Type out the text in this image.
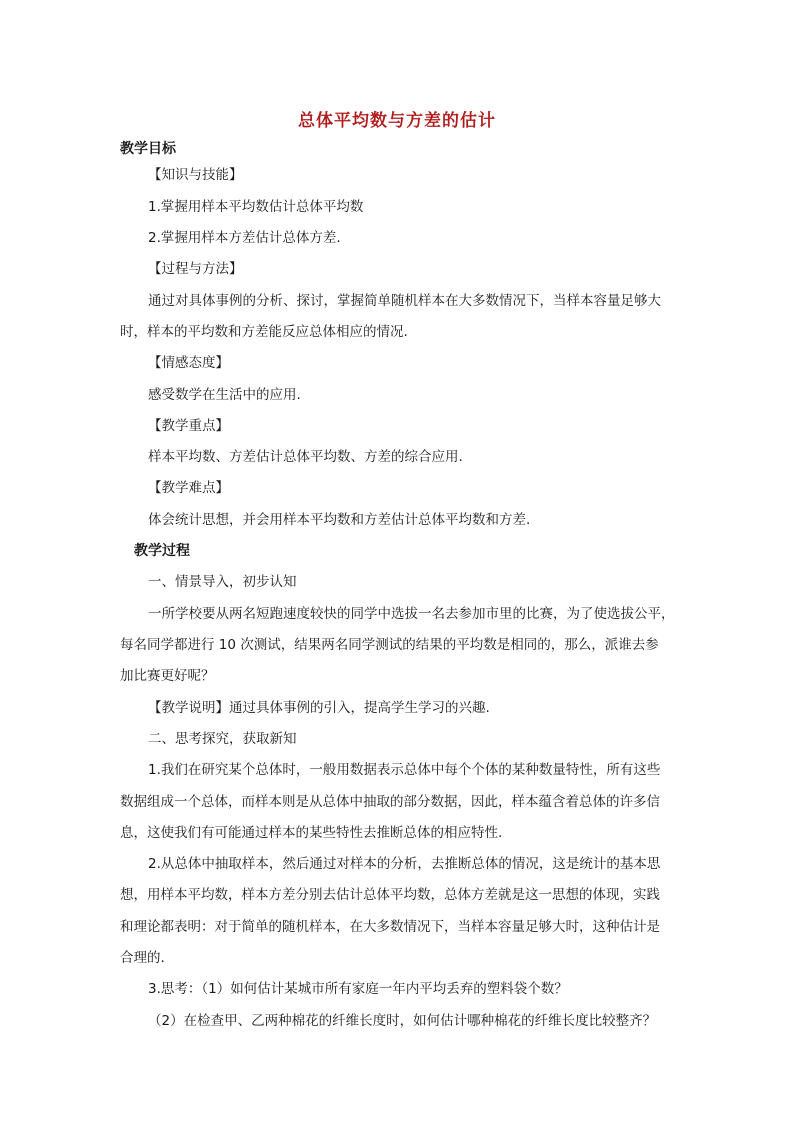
总体平均数与方差的估计
教学目标
【知识与技能】
1.掌握用样本平均数估计总体平均数
2.掌握用样本方差估计总体方差.
【过程与方法】
通过对具体事例的分析、探讨，掌握简单随机样本在大多数情况下，当样本容量足够大
时，样本的平均数和方差能反应总体相应的情况.
【情感态度】
感受数学在生活中的应用.
【教学重点】
样本平均数、方差估计总体平均数、方差的综合应用.
【教学难点】
体会统计思想，并会用样本平均数和方差估计总体平均数和方差.
教学过程
一、情景导入，初步认知
一所学校要从两名短跑速度较快的同学中选拔一名去参加市里的比赛，为了使选拔公平，
每名同学都进行 10 次测试，结果两名同学测试的结果的平均数是相同的，那么，派谁去参
加比赛更好呢？
【教学说明】通过具体事例的引入，提高学生学习的兴趣.
二、思考探究，获取新知
1.我们在研究某个总体时，一般用数据表示总体中每个个体的某种数量特性，所有这些
数据组成一个总体，而样本则是从总体中抽取的部分数据，因此，样本蕴含着总体的许多信
息，这使我们有可能通过样本的某些特性去推断总体的相应特性.
2.从总体中抽取样本，然后通过对样本的分析，去推断总体的情况，这是统计的基本思
想，用样本平均数，样本方差分别去估计总体平均数，总体方差就是这一思想的体现，实践
和理论都表明：对于简单的随机样本，在大多数情况下，当样本容量足够大时，这种估计是
合理的.
3.思考：（1）如何估计某城市所有家庭一年内平均丢弃的塑料袋个数？
（2）在检查甲、乙两种棉花的纤维长度时，如何估计哪种棉花的纤维长度比较整齐？
